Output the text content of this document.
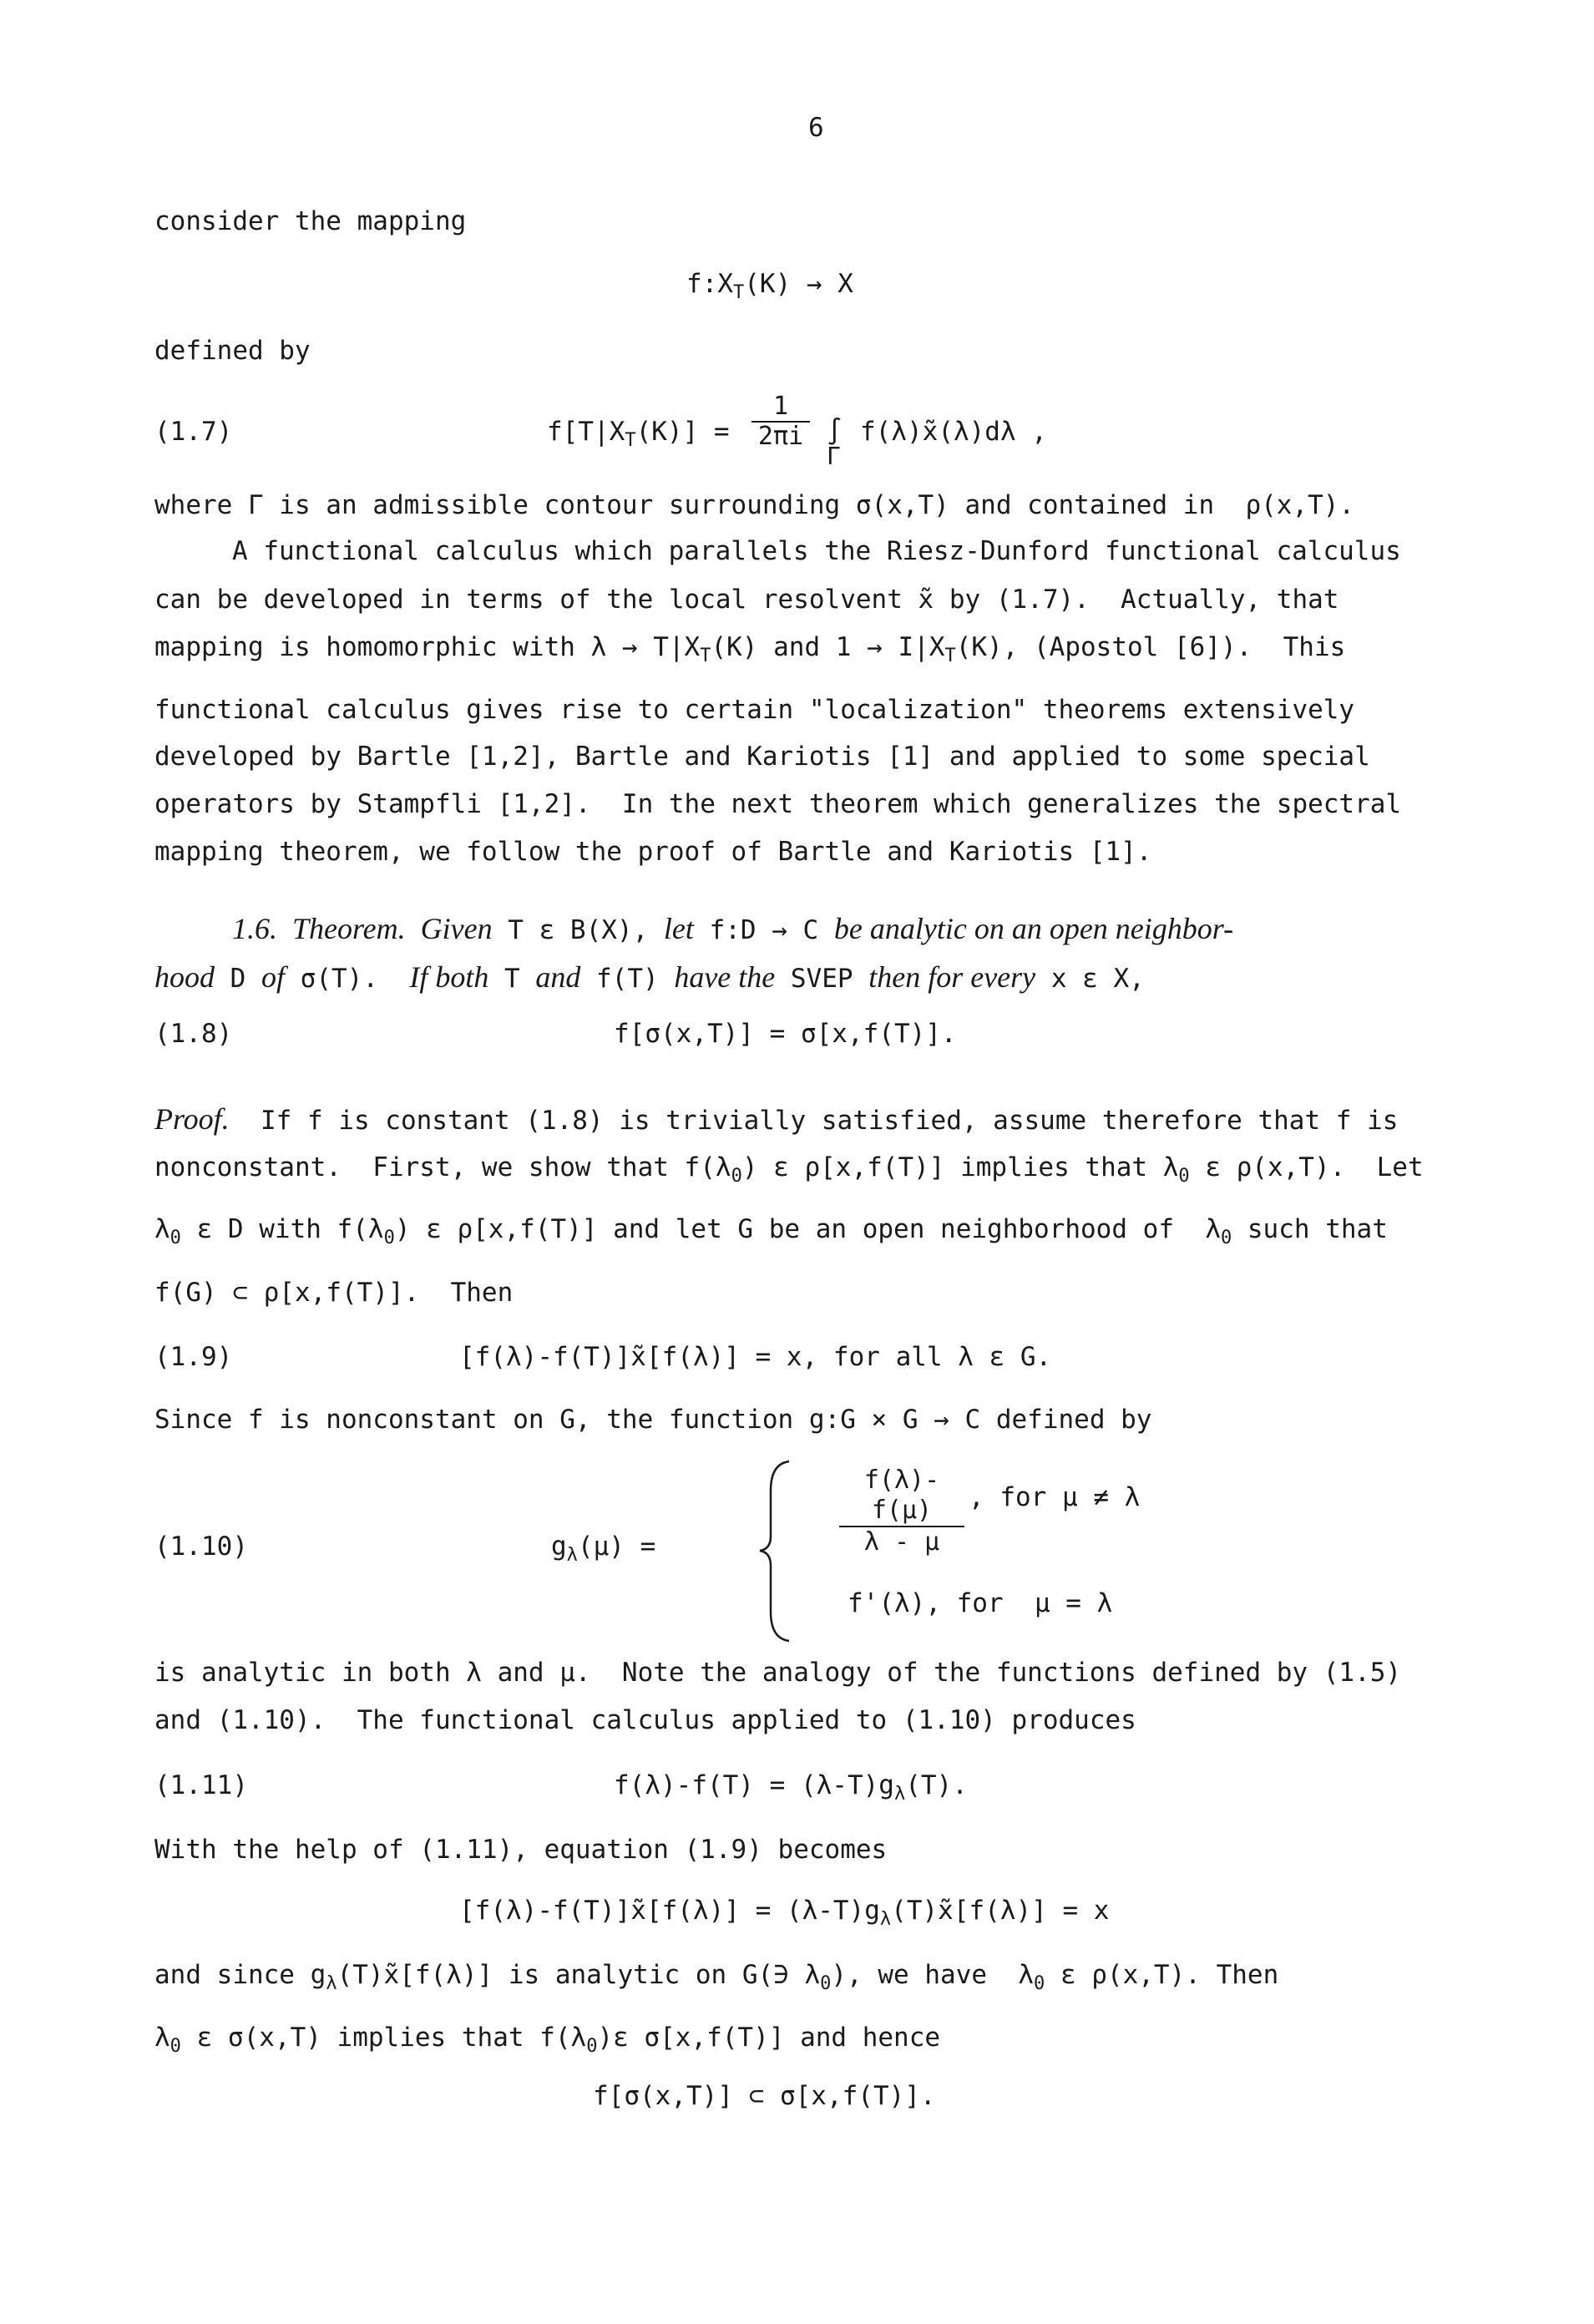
6
consider the mapping
$f:X_T(K) \to X$
defined by
(1.7)	$f[T|X_T(K)]$ =
1
2πi ∫
Γ
f(λ)x̃(λ)dλ ,
where Γ is an admissible contour surrounding σ(x,T) and contained in  ρ(x,T).
A functional calculus which parallels the Riesz-Dunford functional calculus
can be developed in terms of the local resolvent x̃ by (1.7).  Actually, that
mapping is homomorphic with $\lambda \to T|X_T(K)$ and $1 \to I|X_T(K)$, (Apostol [6]).  This
functional calculus gives rise to certain "localization" theorems extensively
developed by Bartle [1,2], Bartle and Kariotis [1] and applied to some special
operators by Stampfli [1,2].  In the next theorem which generalizes the spectral
mapping theorem, we follow the proof of Bartle and Kariotis [1].
1.6.  Theorem.  Given T ε B(X), let f:D → C be analytic on an open neighbor-
hood D of σ(T).  If both T and f(T) have the SVEP then for every x ε X,
(1.8)	f[σ(x,T)] = σ[x,f(T)].
Proof.  If f is constant (1.8) is trivially satisfied, assume therefore that f is
nonconstant.  First, we show that $f(\lambda_0)$ ε ρ[x,f(T)] implies that $\lambda_0$ ε ρ(x,T).  Let
$\lambda_0$ ε D with $f(\lambda_0)$ ε ρ[x,f(T)] and let G be an open neighborhood of  $\lambda_0$ such that
f(G) ⊂ ρ[x,f(T)].  Then
(1.9)	[f(λ)-f(T)]x̃[f(λ)] = x, for all λ ε G.
Since f is nonconstant on G, the function g:G × G → C defined by
(1.10)	$g_\lambda(\mu)$ =
f(λ)-f(μ)
λ - μ
, for μ ≠ λ
f'(λ), for  μ = λ
is analytic in both λ and μ.  Note the analogy of the functions defined by (1.5)
and (1.10).  The functional calculus applied to (1.10) produces
(1.11)	$f(\lambda)-f(T) = (\lambda-T)g_\lambda(T)$.
With the help of (1.11), equation (1.9) becomes
[f(λ)-f(T)]x̃[f(λ)] = $(\lambda-T)g_\lambda(T)x̃[f(\lambda)] = x$
and since $g_\lambda(T)x̃[f(\lambda)]$ is analytic on G(∋ $\lambda_0$), we have  $\lambda_0$ ε ρ(x,T). Then
$\lambda_0$ ε σ(x,T) implies that $f(\lambda_0)\varepsilon$ σ[x,f(T)] and hence
f[σ(x,T)] ⊂ σ[x,f(T)].
